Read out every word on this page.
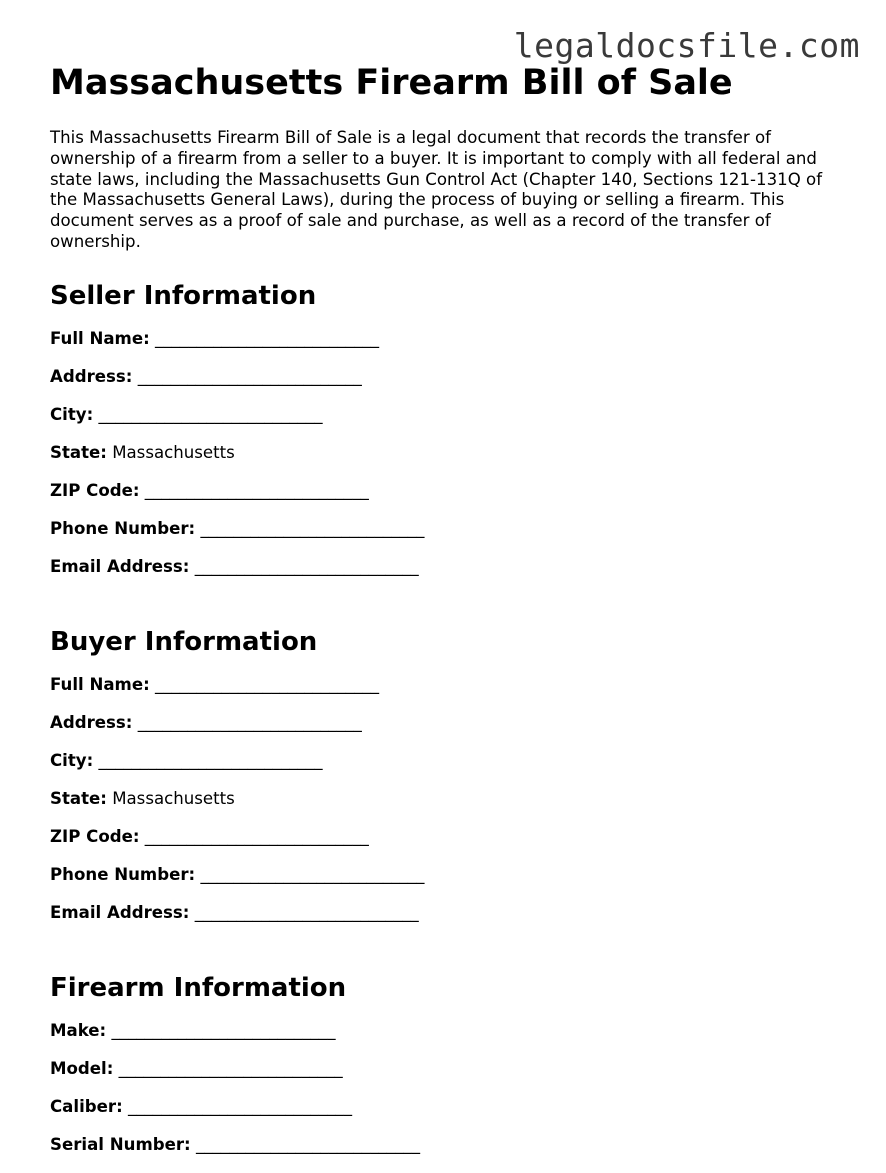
legaldocsfile.com
Massachusetts Firearm Bill of Sale

This Massachusetts Firearm Bill of Sale is a legal document that records the transfer of ownership of a firearm from a seller to a buyer. It is important to comply with all federal and state laws, including the Massachusetts Gun Control Act (Chapter 140, Sections 121-131Q of the Massachusetts General Laws), during the process of buying or selling a firearm. This document serves as a proof of sale and purchase, as well as a record of the transfer of ownership.

Seller Information
Full Name: ___________________________
Address: ___________________________
City: ___________________________
State: Massachusetts
ZIP Code: ___________________________
Phone Number: ___________________________
Email Address: ___________________________
Buyer Information
Full Name: ___________________________
Address: ___________________________
City: ___________________________
State: Massachusetts
ZIP Code: ___________________________
Phone Number: ___________________________
Email Address: ___________________________
Firearm Information
Make: ___________________________
Model: ___________________________
Caliber: ___________________________
Serial Number: ___________________________
